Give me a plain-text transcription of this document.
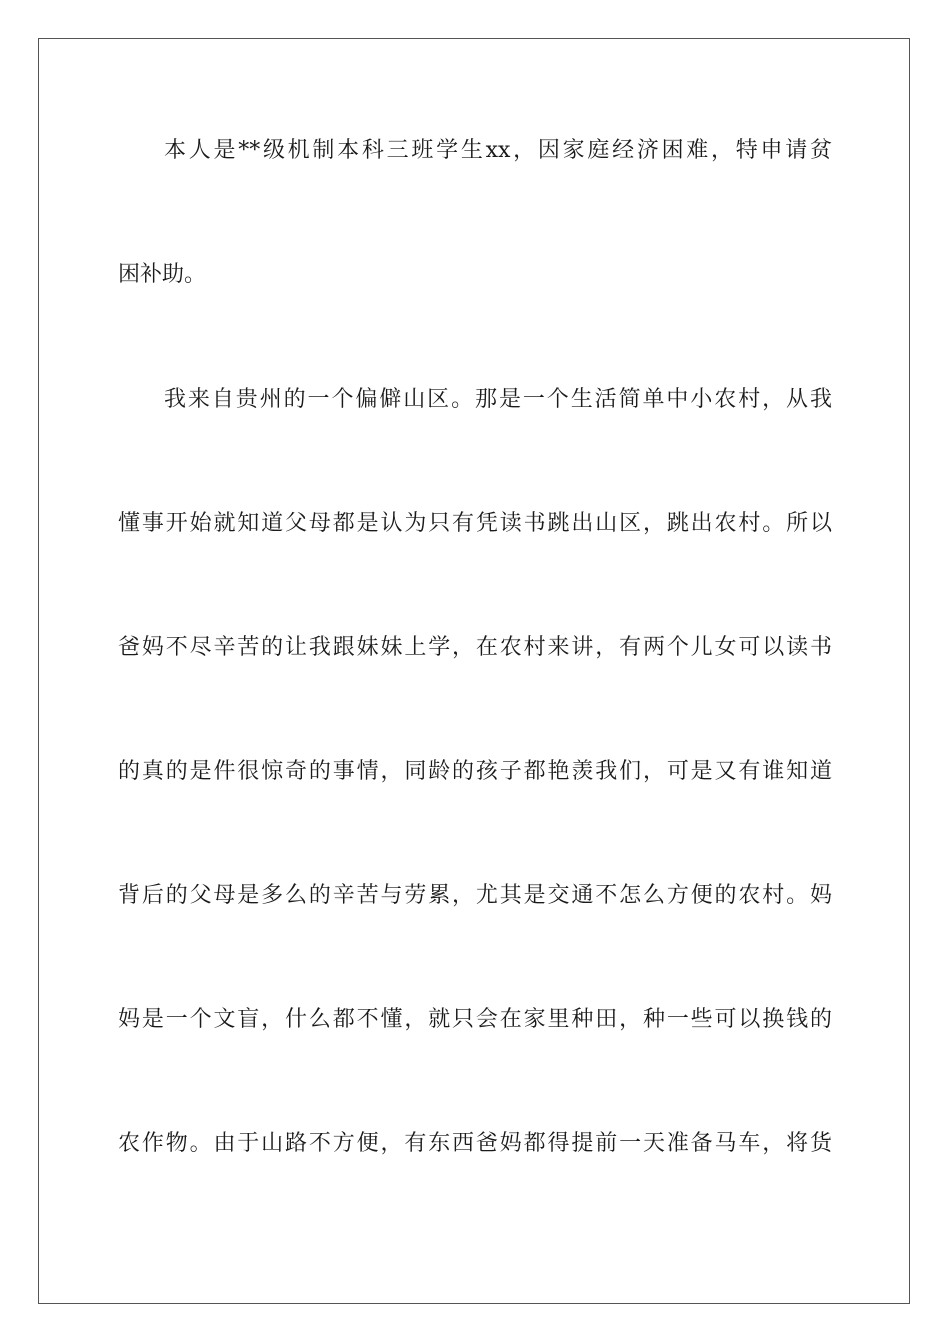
本人是**级机制本科三班学生xx，因家庭经济困难，特申请贫
困补助。
我来自贵州的一个偏僻山区。那是一个生活简单中小农村，从我
懂事开始就知道父母都是认为只有凭读书跳出山区，跳出农村。所以
爸妈不尽辛苦的让我跟妹妹上学，在农村来讲，有两个儿女可以读书
的真的是件很惊奇的事情，同龄的孩子都艳羡我们，可是又有谁知道
背后的父母是多么的辛苦与劳累，尤其是交通不怎么方便的农村。妈
妈是一个文盲，什么都不懂，就只会在家里种田，种一些可以换钱的
农作物。由于山路不方便，有东西爸妈都得提前一天准备马车，将货
